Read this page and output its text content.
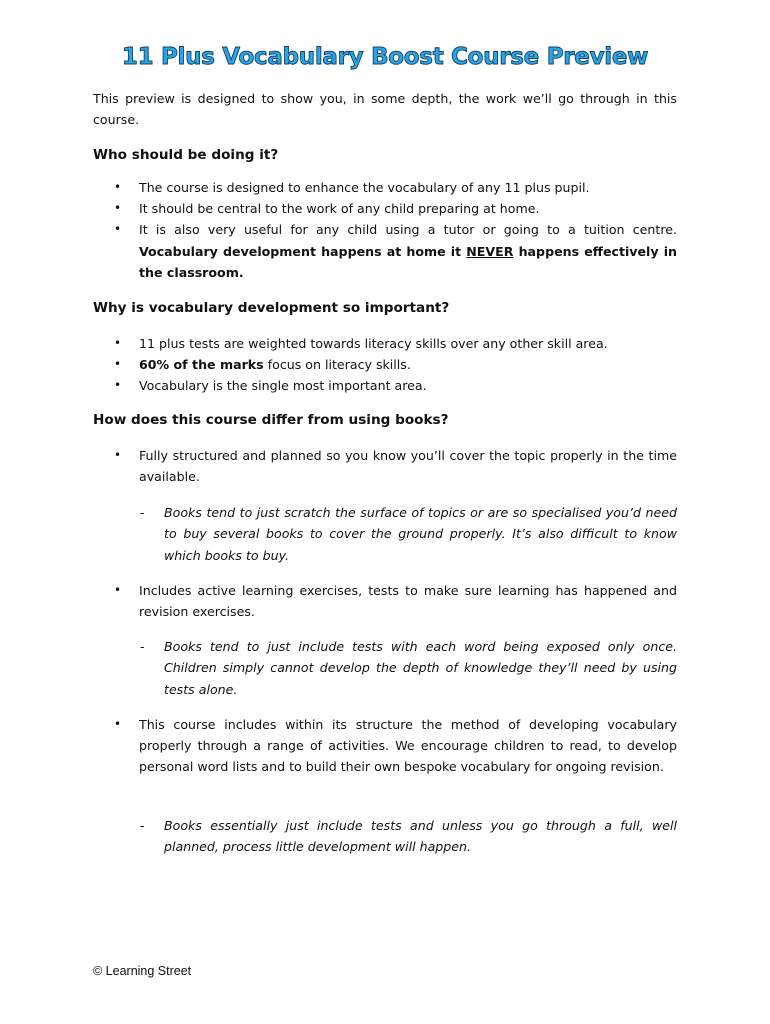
11 Plus Vocabulary Boost Course Preview
This preview is designed to show you, in some depth, the work we’ll go through in this course.
Who should be doing it?
• The course is designed to enhance the vocabulary of any 11 plus pupil.
• It should be central to the work of any child preparing at home.
• It is also very useful for any child using a tutor or going to a tuition centre. Vocabulary development happens at home it NEVER happens effectively in the classroom.
Why is vocabulary development so important?
• 11 plus tests are weighted towards literacy skills over any other skill area.
• 60% of the marks focus on literacy skills.
• Vocabulary is the single most important area.
How does this course differ from using books?
• Fully structured and planned so you know you’ll cover the topic properly in the time available.
-	Books tend to just scratch the surface of topics or are so specialised you’d need to buy several books to cover the ground properly. It’s also difficult to know which books to buy.
• Includes active learning exercises, tests to make sure learning has happened and revision exercises.
-	Books tend to just include tests with each word being exposed only once. Children simply cannot develop the depth of knowledge they’ll need by using tests alone.
• This course includes within its structure the method of developing vocabulary properly through a range of activities. We encourage children to read, to develop personal word lists and to build their own bespoke vocabulary for ongoing revision.
-	Books essentially just include tests and unless you go through a full, well planned, process little development will happen.
© Learning Street
